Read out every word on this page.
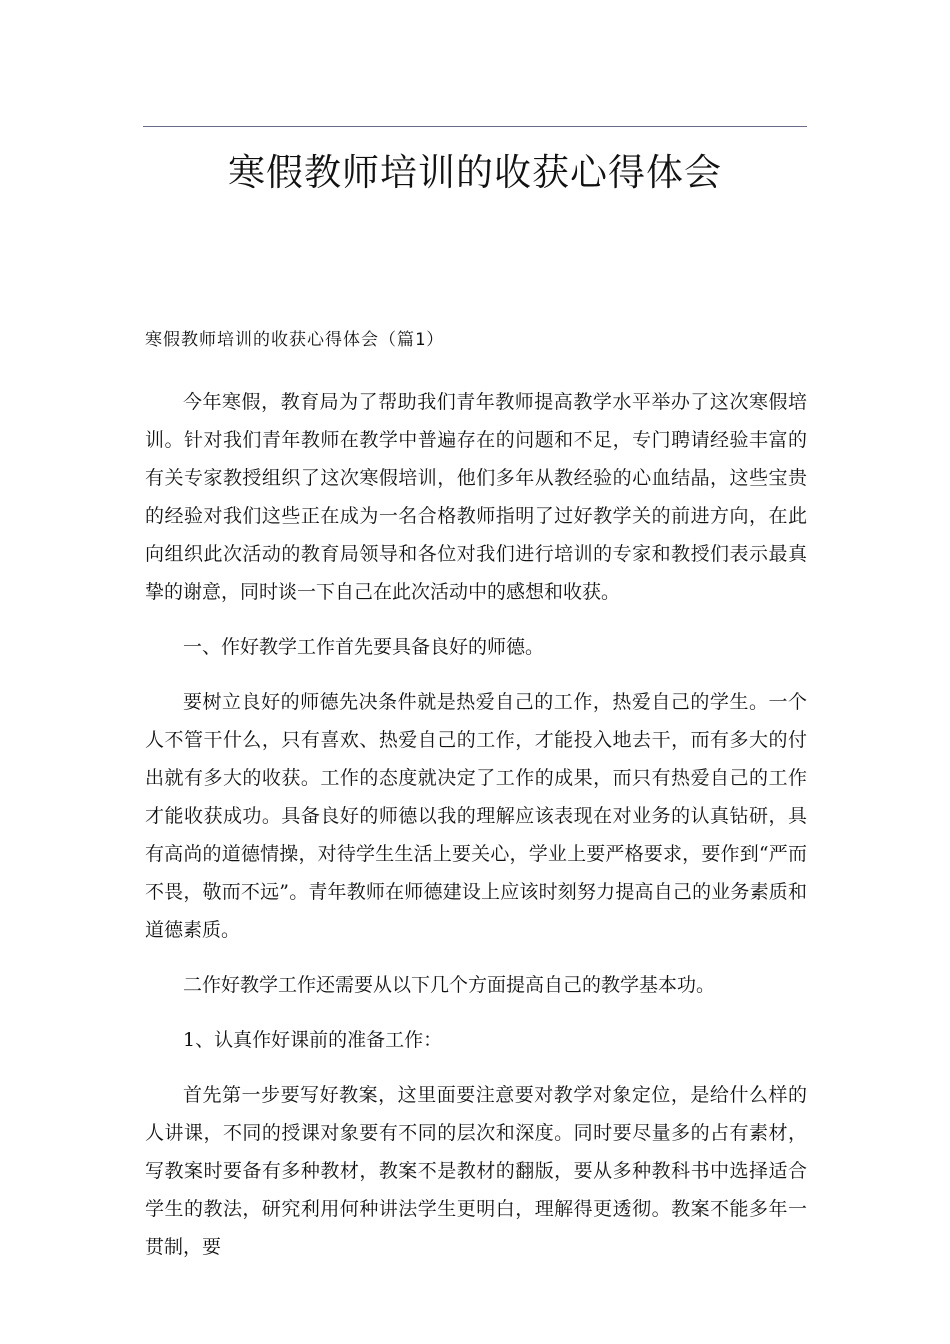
寒假教师培训的收获心得体会
寒假教师培训的收获心得体会（篇1）

今年寒假，教育局为了帮助我们青年教师提高教学水平举办了这次寒假培训。针对我们青年教师在教学中普遍存在的问题和不足，专门聘请经验丰富的有关专家教授组织了这次寒假培训，他们多年从教经验的心血结晶，这些宝贵的经验对我们这些正在成为一名合格教师指明了过好教学关的前进方向，在此向组织此次活动的教育局领导和各位对我们进行培训的专家和教授们表示最真挚的谢意，同时谈一下自己在此次活动中的感想和收获。

一、作好教学工作首先要具备良好的师德。

要树立良好的师德先决条件就是热爱自己的工作，热爱自己的学生。一个人不管干什么，只有喜欢、热爱自己的工作，才能投入地去干，而有多大的付出就有多大的收获。工作的态度就决定了工作的成果，而只有热爱自己的工作才能收获成功。具备良好的师德以我的理解应该表现在对业务的认真钻研，具有高尚的道德情操，对待学生生活上要关心，学业上要严格要求，要作到“严而不畏，敬而不远”。青年教师在师德建设上应该时刻努力提高自己的业务素质和道德素质。

二作好教学工作还需要从以下几个方面提高自己的教学基本功。

1、认真作好课前的准备工作：

首先第一步要写好教案，这里面要注意要对教学对象定位，是给什么样的人讲课，不同的授课对象要有不同的层次和深度。同时要尽量多的占有素材，写教案时要备有多种教材，教案不是教材的翻版，要从多种教科书中选择适合学生的教法，研究利用何种讲法学生更明白，理解得更透彻。教案不能多年一贯制，要
